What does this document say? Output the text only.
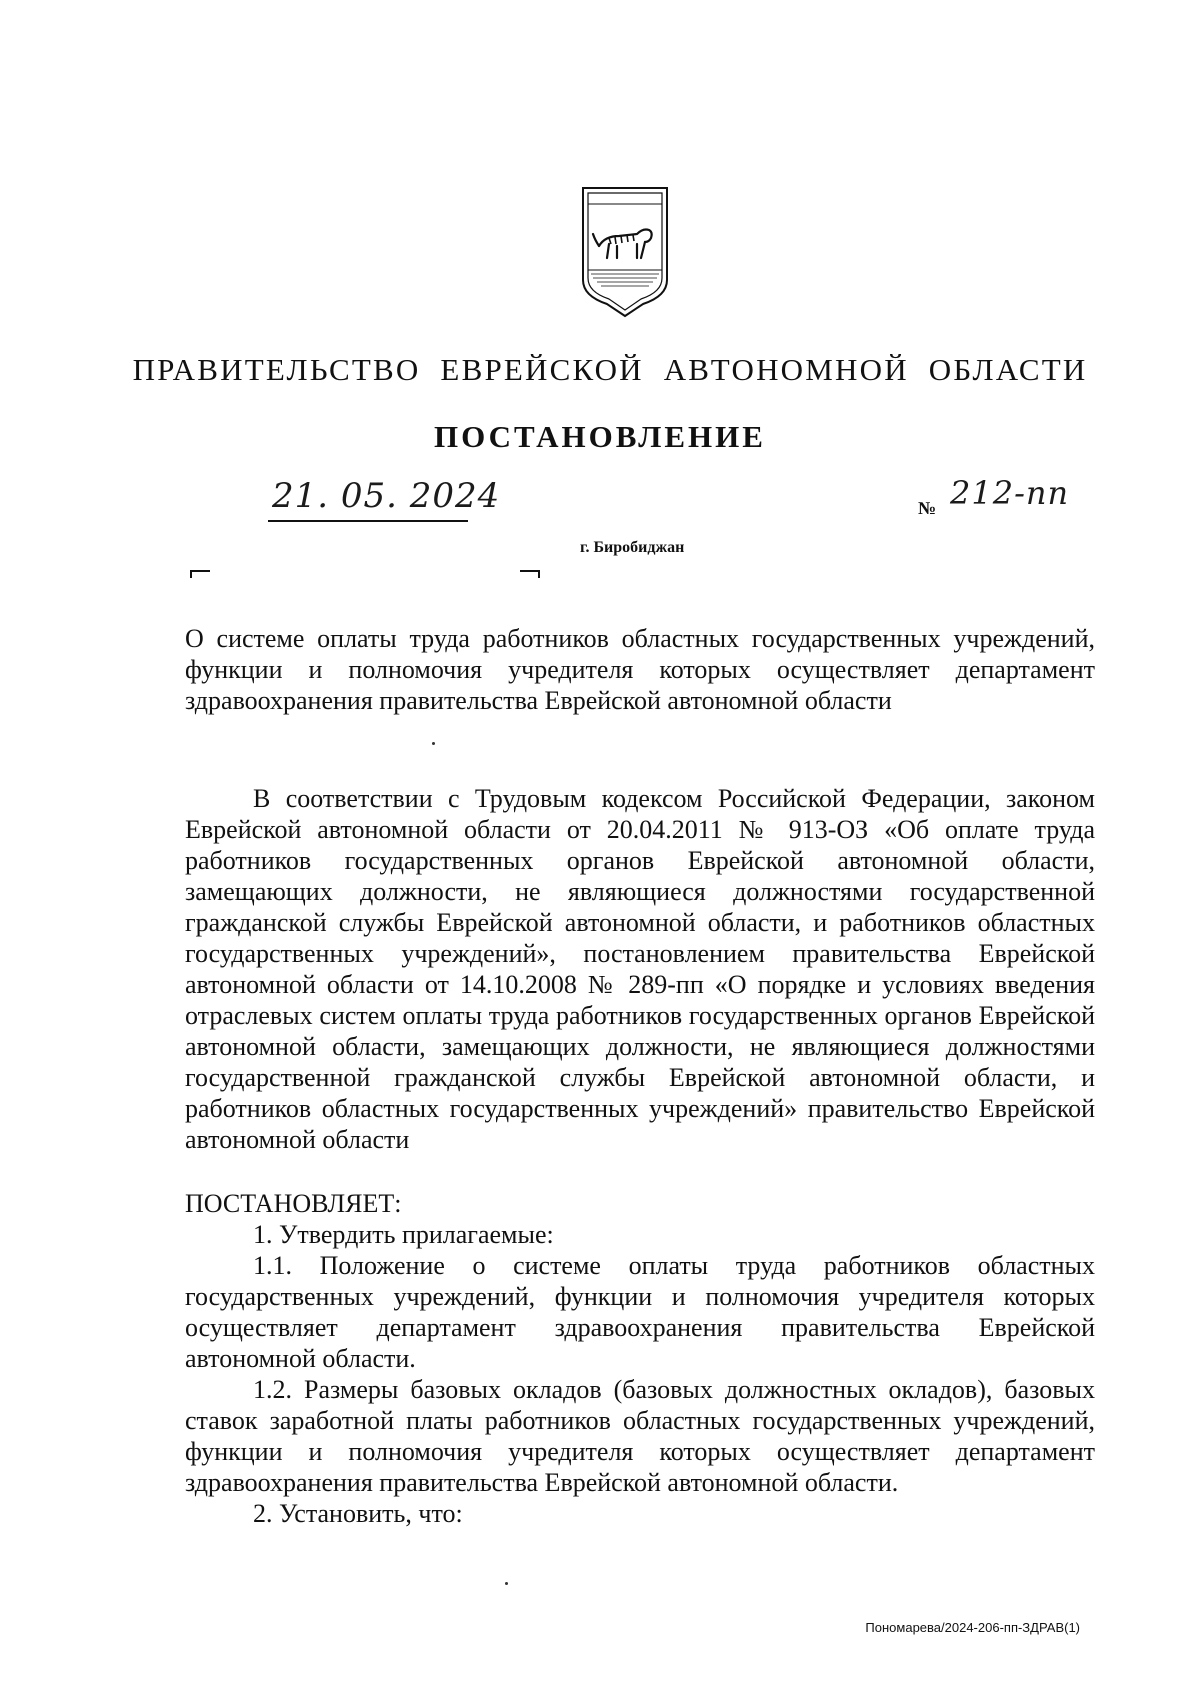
ПРАВИТЕЛЬСТВО ЕВРЕЙСКОЙ АВТОНОМНОЙ ОБЛАСТИ
ПОСТАНОВЛЕНИЕ
21. 05. 2024	№ 212-пп
г. Биробиджан
О системе оплаты труда работников областных государственных учреждений, функции и полномочия учредителя которых осуществляет департамент здравоохранения правительства Еврейской автономной области
В соответствии с Трудовым кодексом Российской Федерации, законом Еврейской автономной области от 20.04.2011 № 913-ОЗ «Об оплате труда работников государственных органов Еврейской автономной области, замещающих должности, не являющиеся должностями государственной гражданской службы Еврейской автономной области, и работников областных государственных учреждений», постановлением правительства Еврейской автономной области от 14.10.2008 № 289-пп «О порядке и условиях введения отраслевых систем оплаты труда работников государственных органов Еврейской автономной области, замещающих должности, не являющиеся должностями государственной гражданской службы Еврейской автономной области, и работников областных государственных учреждений» правительство Еврейской автономной области

ПОСТАНОВЛЯЕТ:

1. Утвердить прилагаемые:

1.1. Положение о системе оплаты труда работников областных государственных учреждений, функции и полномочия учредителя которых осуществляет департамент здравоохранения правительства Еврейской автономной области.

1.2. Размеры базовых окладов (базовых должностных окладов), базовых ставок заработной платы работников областных государственных учреждений, функции и полномочия учредителя которых осуществляет департамент здравоохранения правительства Еврейской автономной области.

2. Установить, что:

Пономарева/2024-206-пп-ЗДРАВ(1)
